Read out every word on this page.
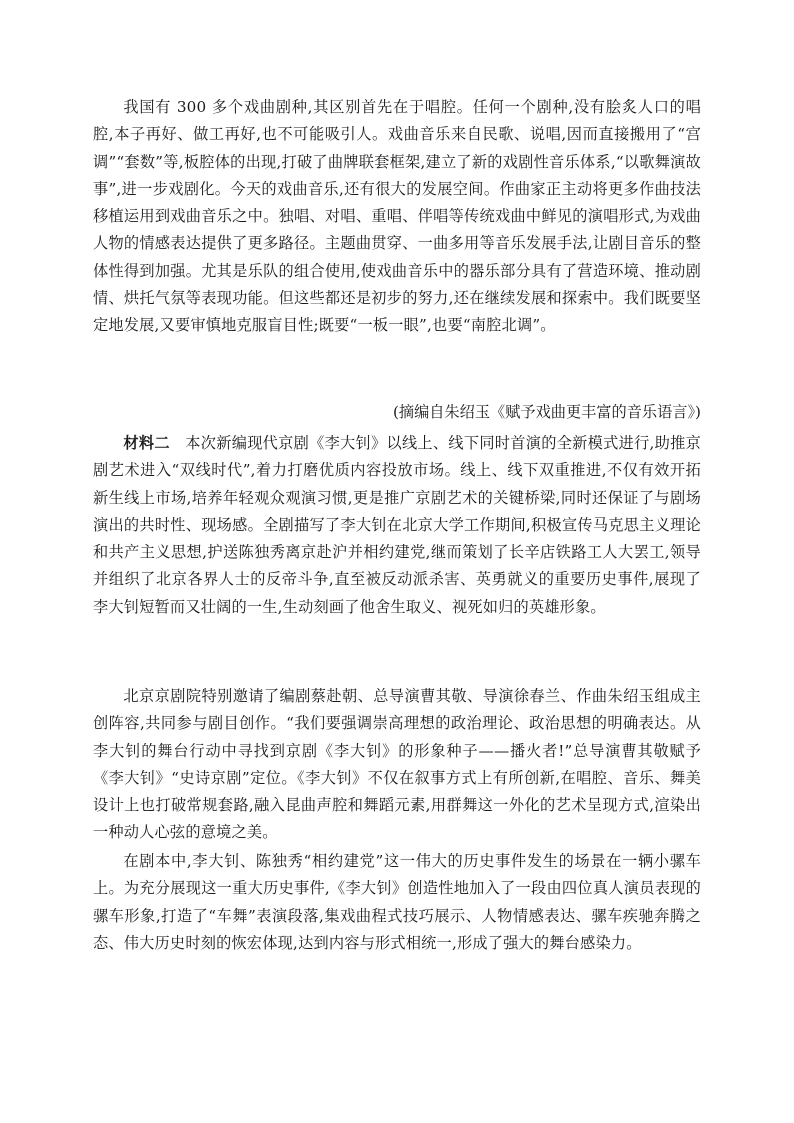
我国有 300 多个戏曲剧种,其区别首先在于唱腔。任何一个剧种,没有脍炙人口的唱腔,本子再好、做工再好,也不可能吸引人。戏曲音乐来自民歌、说唱,因而直接搬用了“宫调”“套数”等,板腔体的出现,打破了曲牌联套框架,建立了新的戏剧性音乐体系,“以歌舞演故事”,进一步戏剧化。今天的戏曲音乐,还有很大的发展空间。作曲家正主动将更多作曲技法移植运用到戏曲音乐之中。独唱、对唱、重唱、伴唱等传统戏曲中鲜见的演唱形式,为戏曲人物的情感表达提供了更多路径。主题曲贯穿、一曲多用等音乐发展手法,让剧目音乐的整体性得到加强。尤其是乐队的组合使用,使戏曲音乐中的器乐部分具有了营造环境、推动剧情、烘托气氛等表现功能。但这些都还是初步的努力,还在继续发展和探索中。我们既要坚定地发展,又要审慎地克服盲目性;既要“一板一眼”,也要“南腔北调”。

(摘编自朱绍玉《赋予戏曲更丰富的音乐语言》)

材料二　本次新编现代京剧《李大钊》以线上、线下同时首演的全新模式进行,助推京剧艺术进入“双线时代”,着力打磨优质内容投放市场。线上、线下双重推进,不仅有效开拓新生线上市场,培养年轻观众观演习惯,更是推广京剧艺术的关键桥梁,同时还保证了与剧场演出的共时性、现场感。全剧描写了李大钊在北京大学工作期间,积极宣传马克思主义理论和共产主义思想,护送陈独秀离京赴沪并相约建党,继而策划了长辛店铁路工人大罢工,领导并组织了北京各界人士的反帝斗争,直至被反动派杀害、英勇就义的重要历史事件,展现了李大钊短暂而又壮阔的一生,生动刻画了他舍生取义、视死如归的英雄形象。

北京京剧院特别邀请了编剧蔡赴朝、总导演曹其敬、导演徐春兰、作曲朱绍玉组成主创阵容,共同参与剧目创作。“我们要强调崇高理想的政治理论、政治思想的明确表达。从李大钊的舞台行动中寻找到京剧《李大钊》的形象种子——播火者!”总导演曹其敬赋予《李大钊》“史诗京剧”定位。《李大钊》不仅在叙事方式上有所创新,在唱腔、音乐、舞美设计上也打破常规套路,融入昆曲声腔和舞蹈元素,用群舞这一外化的艺术呈现方式,渲染出一种动人心弦的意境之美。

在剧本中,李大钊、陈独秀“相约建党”这一伟大的历史事件发生的场景在一辆小骡车上。为充分展现这一重大历史事件,《李大钊》创造性地加入了一段由四位真人演员表现的骡车形象,打造了“车舞”表演段落,集戏曲程式技巧展示、人物情感表达、骡车疾驰奔腾之态、伟大历史时刻的恢宏体现,达到内容与形式相统一,形成了强大的舞台感染力。
